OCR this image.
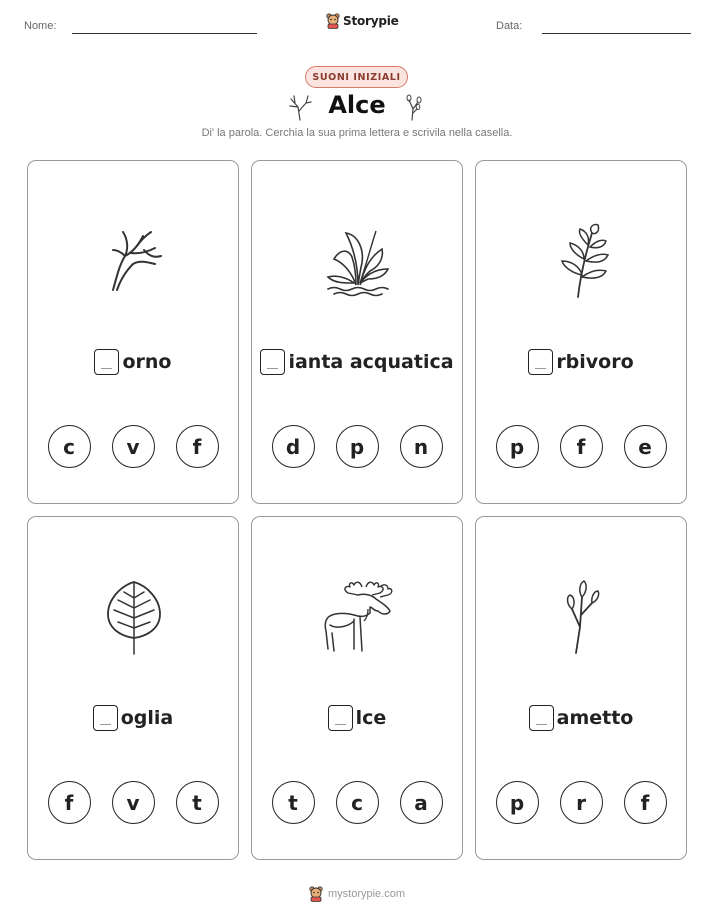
Nome:	Storypie	Data:
SUONI INIZIALI
Alce
Di' la parola. Cerchia la sua prima lettera e scrivila nella casella.
orno
c	v	f
ianta acquatica
d	p	n
rbivoro
p	f	e
oglia
f	v	t
lce
t	c	a
ametto
p	r	f
mystorypie.com
